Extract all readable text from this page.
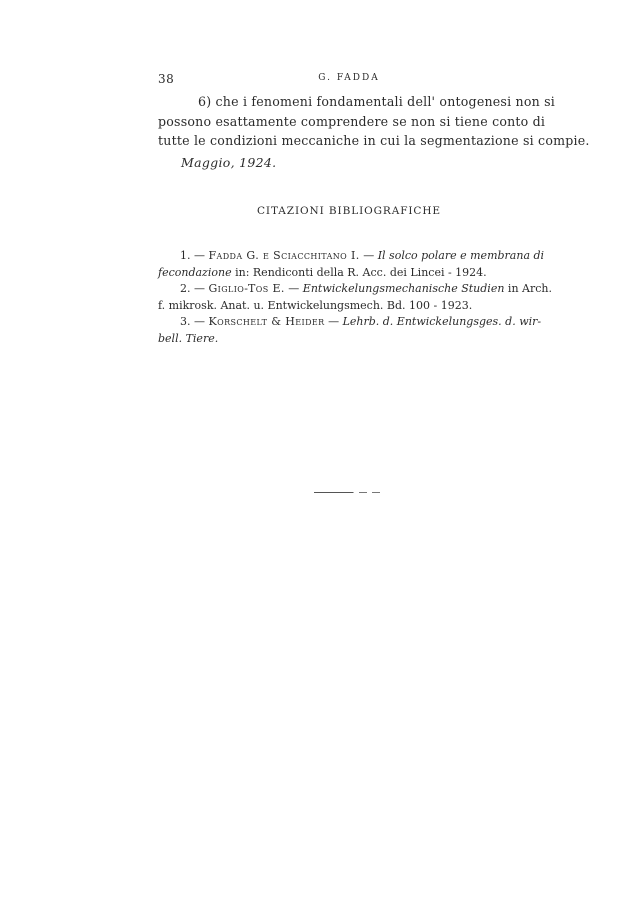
38	G. FADDA

6) che i fenomeni fondamentali dell' ontogenesi non si
possono esattamente comprendere se non si tiene conto di
tutte le condizioni meccaniche in cui la segmentazione si compie.

Maggio, 1924.
CITAZIONI BIBLIOGRAFICHE
1. — Fadda G. e Sciacchitano I. — Il solco polare e membrana di
fecondazione in: Rendiconti della R. Acc. dei Lincei - 1924.
2. — Giglio-Tos E. — Entwickelungsmechanische Studien in Arch.
f. mikrosk. Anat. u. Entwickelungsmech. Bd. 100 - 1923.
3. — Korschelt & Heider — Lehrb. d. Entwickelungsges. d. wir-
bell. Tiere.
